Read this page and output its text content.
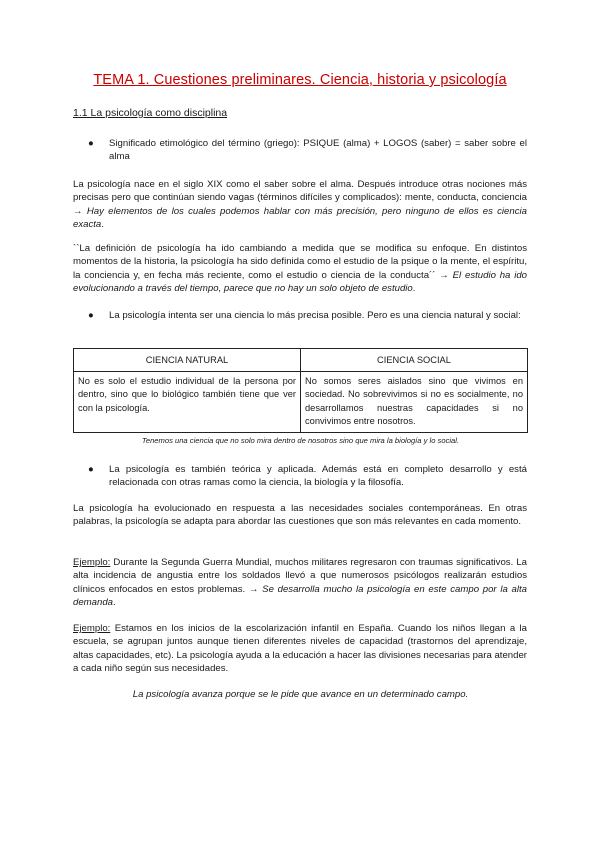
TEMA 1. Cuestiones preliminares. Ciencia, historia y psicología
1.1 La psicología como disciplina
● Significado etimológico del término (griego): PSIQUE (alma) + LOGOS (saber) = saber sobre el alma
La psicología nace en el siglo XIX como el saber sobre el alma. Después introduce otras nociones más precisas pero que continúan siendo vagas (términos difíciles y complicados): mente, conducta, conciencia → Hay elementos de los cuales podemos hablar con más precisión, pero ninguno de ellos es ciencia exacta.
``La definición de psicología ha ido cambiando a medida que se modifica su enfoque. En distintos momentos de la historia, la psicología ha sido definida como el estudio de la psique o la mente, el espíritu, la conciencia y, en fecha más reciente, como el estudio o ciencia de la conducta´´ → El estudio ha ido evolucionando a través del tiempo, parece que no hay un solo objeto de estudio.
● La psicología intenta ser una ciencia lo más precisa posible. Pero es una ciencia natural y social:
CIENCIA NATURAL	CIENCIA SOCIAL
No es solo el estudio individual de la persona por dentro, sino que lo biológico también tiene que ver con la psicología.	No somos seres aislados sino que vivimos en sociedad. No sobrevivimos si no es socialmente, no desarrollamos nuestras capacidades si no convivimos entre nosotros.
Tenemos una ciencia que no solo mira dentro de nosotros sino que mira la biología y lo social.
● La psicología es también teórica y aplicada. Además está en completo desarrollo y está relacionada con otras ramas como la ciencia, la biología y la filosofía.
La psicología ha evolucionado en respuesta a las necesidades sociales contemporáneas. En otras palabras, la psicología se adapta para abordar las cuestiones que son más relevantes en cada momento.
Ejemplo: Durante la Segunda Guerra Mundial, muchos militares regresaron con traumas significativos. La alta incidencia de angustia entre los soldados llevó a que numerosos psicólogos realizarán estudios clínicos enfocados en estos problemas. → Se desarrolla mucho la psicología en este campo por la alta demanda.
Ejemplo: Estamos en los inicios de la escolarización infantil en España. Cuando los niños llegan a la escuela, se agrupan juntos aunque tienen diferentes niveles de capacidad (trastornos del aprendizaje, altas capacidades, etc). La psicología ayuda a la educación a hacer las divisiones necesarias para atender a cada niño según sus necesidades.
La psicología avanza porque se le pide que avance en un determinado campo.
